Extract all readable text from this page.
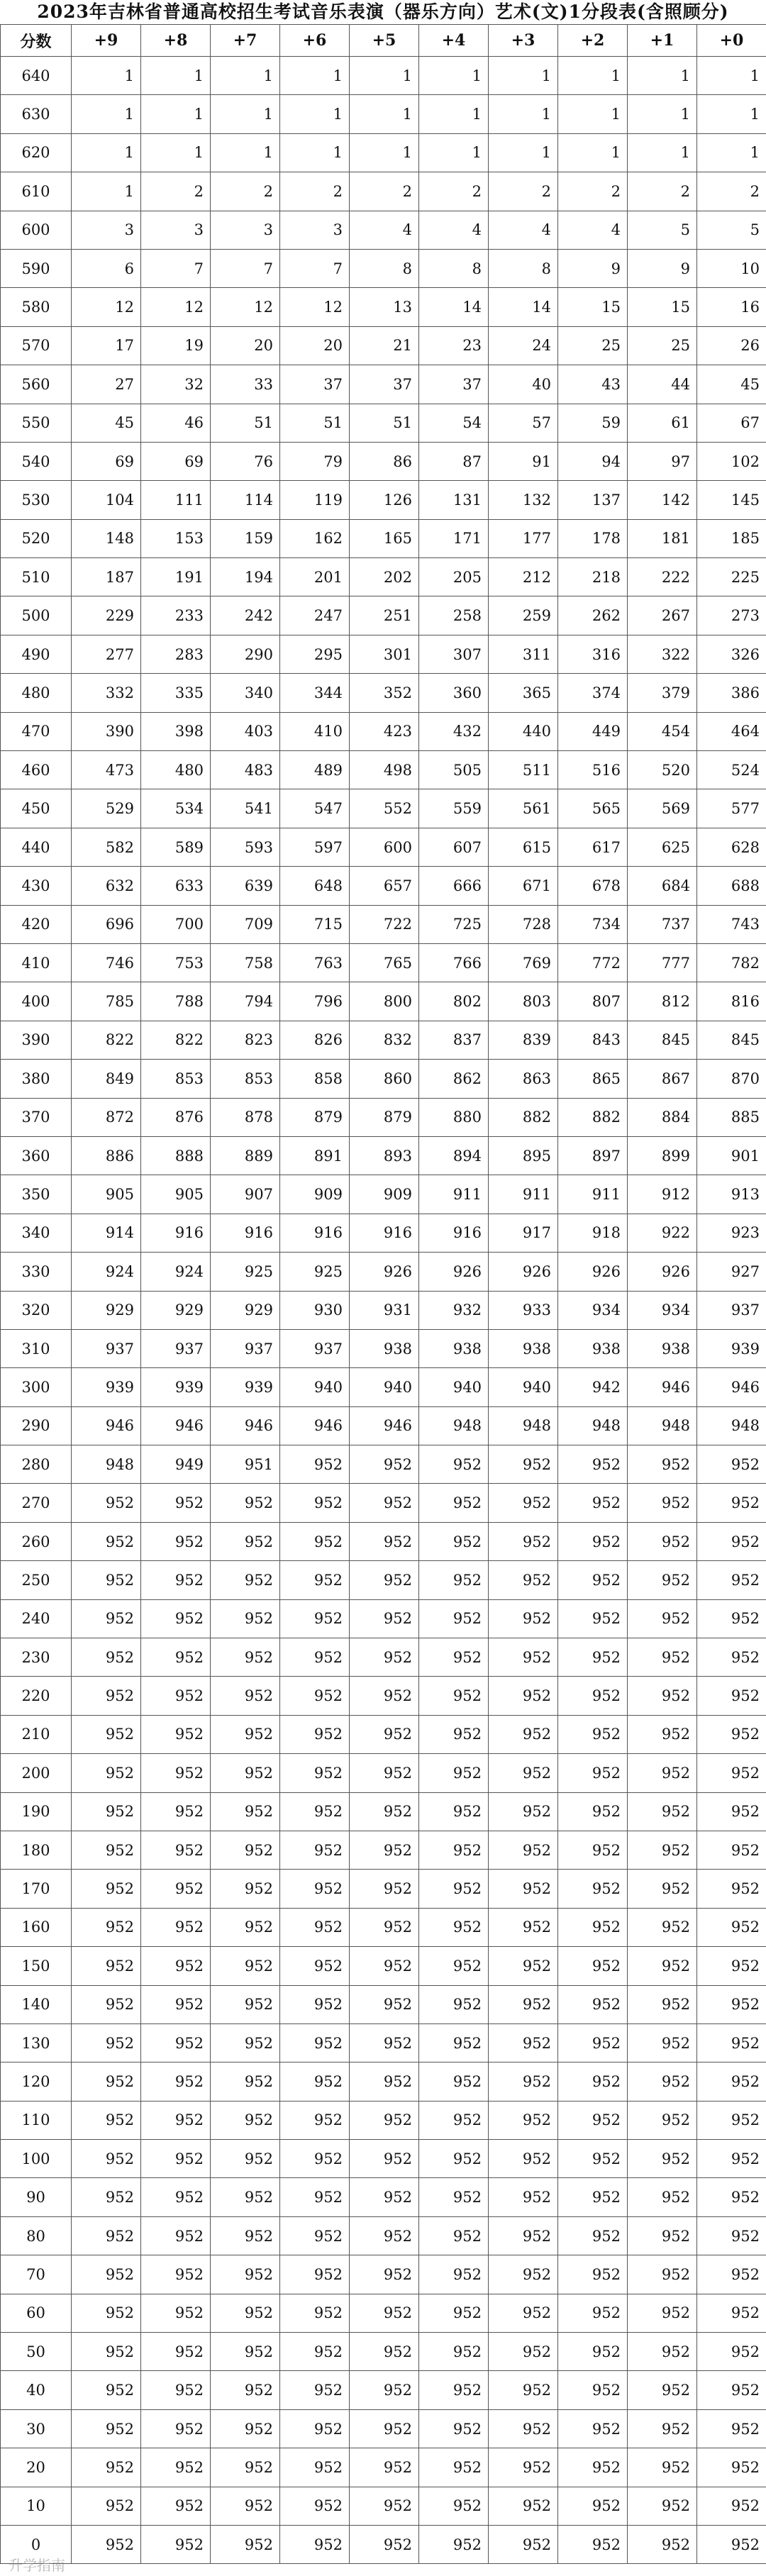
2023年吉林省普通高校招生考试音乐表演（器乐方向）艺术(文)1分段表(含照顾分)
分数	+9	+8	+7	+6	+5	+4	+3	+2	+1	+0
640	1	1	1	1	1	1	1	1	1	1
630	1	1	1	1	1	1	1	1	1	1
620	1	1	1	1	1	1	1	1	1	1
610	1	2	2	2	2	2	2	2	2	2
600	3	3	3	3	4	4	4	4	5	5
590	6	7	7	7	8	8	8	9	9	10
580	12	12	12	12	13	14	14	15	15	16
570	17	19	20	20	21	23	24	25	25	26
560	27	32	33	37	37	37	40	43	44	45
550	45	46	51	51	51	54	57	59	61	67
540	69	69	76	79	86	87	91	94	97	102
530	104	111	114	119	126	131	132	137	142	145
520	148	153	159	162	165	171	177	178	181	185
510	187	191	194	201	202	205	212	218	222	225
500	229	233	242	247	251	258	259	262	267	273
490	277	283	290	295	301	307	311	316	322	326
480	332	335	340	344	352	360	365	374	379	386
470	390	398	403	410	423	432	440	449	454	464
460	473	480	483	489	498	505	511	516	520	524
450	529	534	541	547	552	559	561	565	569	577
440	582	589	593	597	600	607	615	617	625	628
430	632	633	639	648	657	666	671	678	684	688
420	696	700	709	715	722	725	728	734	737	743
410	746	753	758	763	765	766	769	772	777	782
400	785	788	794	796	800	802	803	807	812	816
390	822	822	823	826	832	837	839	843	845	845
380	849	853	853	858	860	862	863	865	867	870
370	872	876	878	879	879	880	882	882	884	885
360	886	888	889	891	893	894	895	897	899	901
350	905	905	907	909	909	911	911	911	912	913
340	914	916	916	916	916	916	917	918	922	923
330	924	924	925	925	926	926	926	926	926	927
320	929	929	929	930	931	932	933	934	934	937
310	937	937	937	937	938	938	938	938	938	939
300	939	939	939	940	940	940	940	942	946	946
290	946	946	946	946	946	948	948	948	948	948
280	948	949	951	952	952	952	952	952	952	952
270	952	952	952	952	952	952	952	952	952	952
260	952	952	952	952	952	952	952	952	952	952
250	952	952	952	952	952	952	952	952	952	952
240	952	952	952	952	952	952	952	952	952	952
230	952	952	952	952	952	952	952	952	952	952
220	952	952	952	952	952	952	952	952	952	952
210	952	952	952	952	952	952	952	952	952	952
200	952	952	952	952	952	952	952	952	952	952
190	952	952	952	952	952	952	952	952	952	952
180	952	952	952	952	952	952	952	952	952	952
170	952	952	952	952	952	952	952	952	952	952
160	952	952	952	952	952	952	952	952	952	952
150	952	952	952	952	952	952	952	952	952	952
140	952	952	952	952	952	952	952	952	952	952
130	952	952	952	952	952	952	952	952	952	952
120	952	952	952	952	952	952	952	952	952	952
110	952	952	952	952	952	952	952	952	952	952
100	952	952	952	952	952	952	952	952	952	952
90	952	952	952	952	952	952	952	952	952	952
80	952	952	952	952	952	952	952	952	952	952
70	952	952	952	952	952	952	952	952	952	952
60	952	952	952	952	952	952	952	952	952	952
50	952	952	952	952	952	952	952	952	952	952
40	952	952	952	952	952	952	952	952	952	952
30	952	952	952	952	952	952	952	952	952	952
20	952	952	952	952	952	952	952	952	952	952
10	952	952	952	952	952	952	952	952	952	952
0	952	952	952	952	952	952	952	952	952	952
升学指南
